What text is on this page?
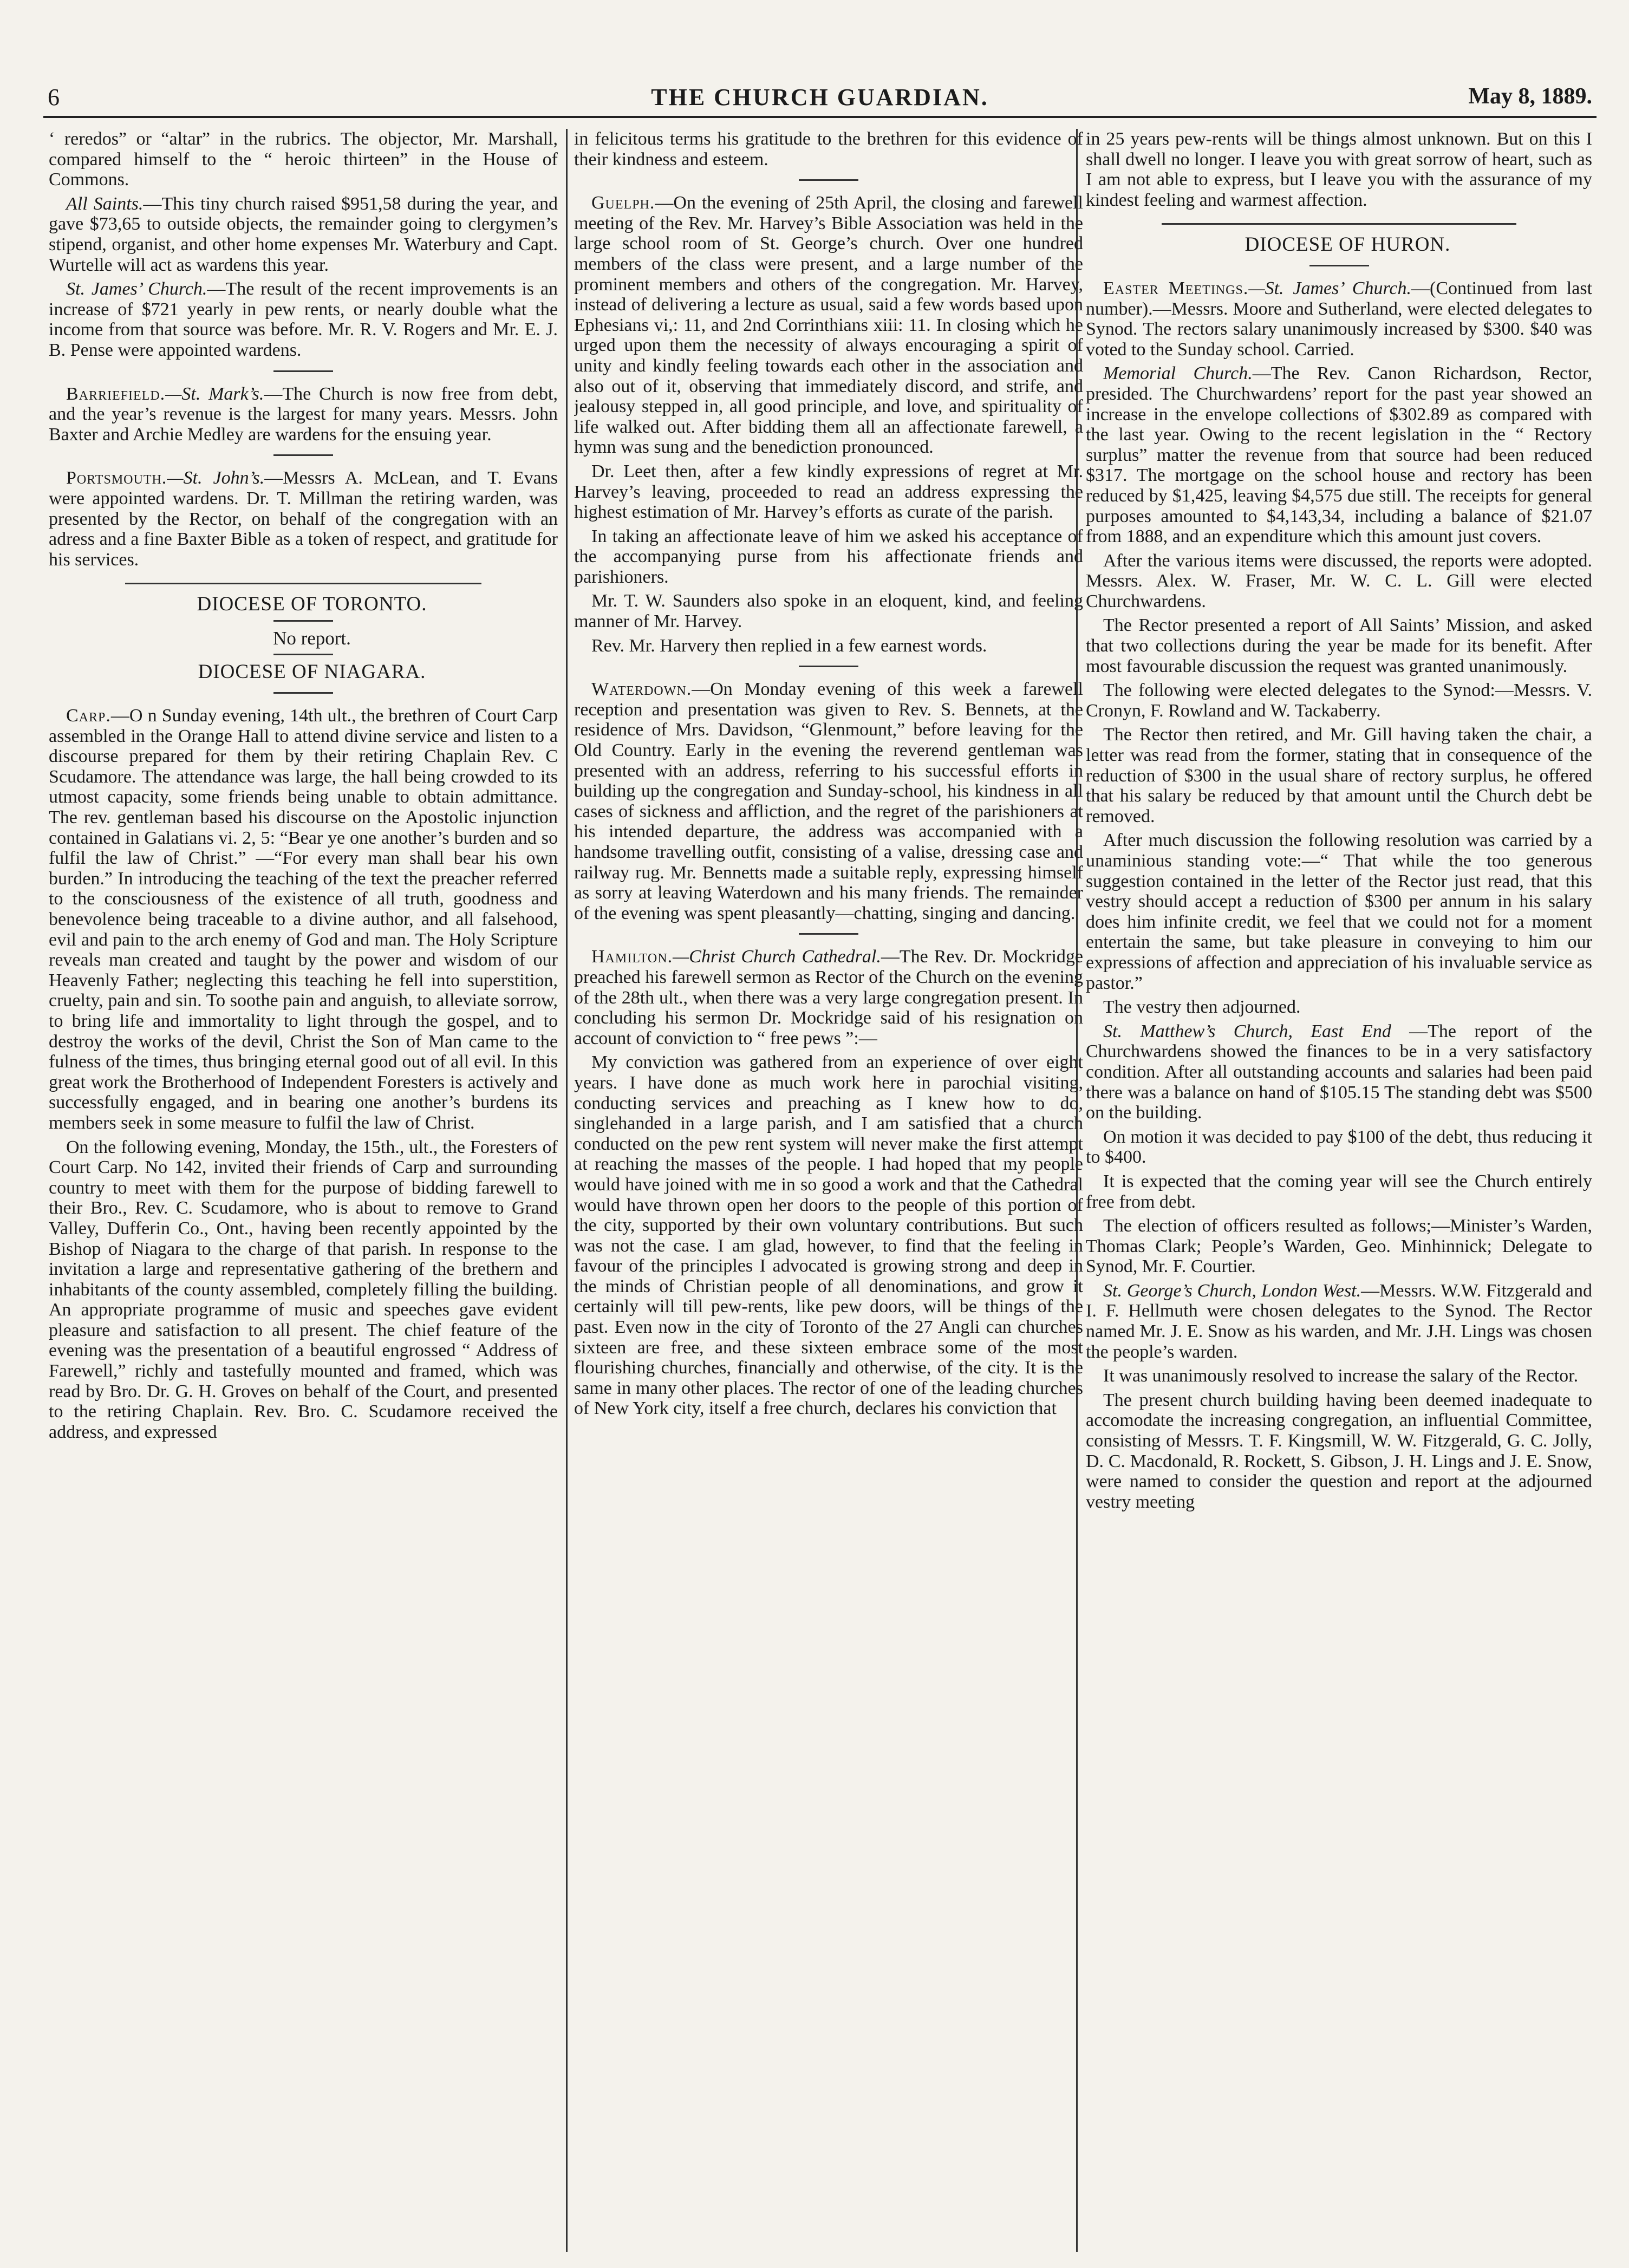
6	THE CHURCH GUARDIAN.	May 8, 1889.

‘ reredos” or “altar” in the rubrics. The objector, Mr. Marshall, compared himself to the “ heroic thirteen” in the House of Commons.

All Saints.—This tiny church raised $951,58 during the year, and gave $73,65 to outside objects, the remainder going to clergymen’s stipend, organist, and other home expenses Mr. Waterbury and Capt. Wurtelle will act as wardens this year.

St. James’ Church.—The result of the recent improvements is an increase of $721 yearly in pew rents, or nearly double what the income from that source was before. Mr. R. V. Rogers and Mr. E. J. B. Pense were appointed wardens.

Barriefield.—St. Mark’s.—The Church is now free from debt, and the year’s revenue is the largest for many years. Messrs. John Baxter and Archie Medley are wardens for the ensuing year.

Portsmouth.—St. John’s.—Messrs A. McLean, and T. Evans were appointed wardens. Dr. T. Millman the retiring warden, was presented by the Rector, on behalf of the congregation with an adress and a fine Baxter Bible as a token of respect, and gratitude for his services.

DIOCESE OF TORONTO.

No report.

DIOCESE OF NIAGARA.

Carp.—O n Sunday evening, 14th ult., the brethren of Court Carp assembled in the Orange Hall to attend divine service and listen to a discourse prepared for them by their retiring Chaplain Rev. C Scudamore. The attendance was large, the hall being crowded to its utmost capacity, some friends being unable to obtain admittance. The rev. gentleman based his discourse on the Apostolic injunction contained in Galatians vi. 2, 5: “Bear ye one another’s burden and so fulfil the law of Christ.” —“For every man shall bear his own burden.” In introducing the teaching of the text the preacher referred to the consciousness of the existence of all truth, goodness and benevolence being traceable to a divine author, and all falsehood, evil and pain to the arch enemy of God and man. The Holy Scripture reveals man created and taught by the power and wisdom of our Heavenly Father; neglecting this teaching he fell into superstition, cruelty, pain and sin. To soothe pain and anguish, to alleviate sorrow, to bring life and immortality to light through the gospel, and to destroy the works of the devil, Christ the Son of Man came to the fulness of the times, thus bringing eternal good out of all evil. In this great work the Brotherhood of Independent Foresters is actively and successfully engaged, and in bearing one another’s burdens its members seek in some measure to fulfil the law of Christ.

On the following evening, Monday, the 15th., ult., the Foresters of Court Carp. No 142, invited their friends of Carp and surrounding country to meet with them for the purpose of bidding farewell to their Bro., Rev. C. Scudamore, who is about to remove to Grand Valley, Dufferin Co., Ont., having been recently appointed by the Bishop of Niagara to the charge of that parish. In response to the invitation a large and representative gathering of the brethern and inhabitants of the county assembled, completely filling the building. An appropriate programme of music and speeches gave evident pleasure and satisfaction to all present. The chief feature of the evening was the presentation of a beautiful engrossed “ Address of Farewell,” richly and tastefully mounted and framed, which was read by Bro. Dr. G. H. Groves on behalf of the Court, and presented to the retiring Chaplain. Rev. Bro. C. Scudamore received the address, and expressed

in felicitous terms his gratitude to the brethren for this evidence of their kindness and esteem.

Guelph.—On the evening of 25th April, the closing and farewell meeting of the Rev. Mr. Harvey’s Bible Association was held in the large school room of St. George’s church. Over one hundred members of the class were present, and a large number of the prominent members and others of the congregation. Mr. Harvey, instead of delivering a lecture as usual, said a few words based upon Ephesians vi,: 11, and 2nd Corrinthians xiii: 11. In closing which he urged upon them the necessity of always encouraging a spirit of unity and kindly feeling towards each other in the association and also out of it, observing that immediately discord, and strife, and jealousy stepped in, all good principle, and love, and spirituality of life walked out. After bidding them all an affectionate farewell, a hymn was sung and the benediction pronounced.

Dr. Leet then, after a few kindly expressions of regret at Mr. Harvey’s leaving, proceeded to read an address expressing the highest estimation of Mr. Harvey’s efforts as curate of the parish.

In taking an affectionate leave of him we asked his acceptance of the accompanying purse from his affectionate friends and parishioners.

Mr. T. W. Saunders also spoke in an eloquent, kind, and feeling manner of Mr. Harvey.

Rev. Mr. Harvery then replied in a few earnest words.

Waterdown.—On Monday evening of this week a farewell reception and presentation was given to Rev. S. Bennets, at the residence of Mrs. Davidson, “Glenmount,” before leaving for the Old Country. Early in the evening the reverend gentleman was presented with an address, referring to his successful efforts in building up the congregation and Sunday-school, his kindness in all cases of sickness and affliction, and the regret of the parishioners at his intended departure, the address was accompanied with a handsome travelling outfit, consisting of a valise, dressing case and railway rug. Mr. Bennetts made a suitable reply, expressing himself as sorry at leaving Waterdown and his many friends. The remainder of the evening was spent pleasantly—chatting, singing and dancing.

Hamilton.—Christ Church Cathedral.—The Rev. Dr. Mockridge preached his farewell sermon as Rector of the Church on the evening of the 28th ult., when there was a very large congregation present. In concluding his sermon Dr. Mockridge said of his resignation on account of conviction to “ free pews ”:—

My conviction was gathered from an experience of over eight years. I have done as much work here in parochial visiting, conducting services and preaching as I knew how to do, singlehanded in a large parish, and I am satisfied that a church conducted on the pew rent system will never make the first attempt at reaching the masses of the people. I had hoped that my people would have joined with me in so good a work and that the Cathedral would have thrown open her doors to the people of this portion of the city, supported by their own voluntary contributions. But such was not the case. I am glad, however, to find that the feeling in favour of the principles I advocated is growing strong and deep in the minds of Christian people of all denominations, and grow it certainly will till pew-rents, like pew doors, will be things of the past. Even now in the city of Toronto of the 27 Angli can churches sixteen are free, and these sixteen embrace some of the most flourishing churches, financially and otherwise, of the city. It is the same in many other places. The rector of one of the leading churches of New York city, itself a free church, declares his conviction that

in 25 years pew-rents will be things almost unknown. But on this I shall dwell no longer. I leave you with great sorrow of heart, such as I am not able to express, but I leave you with the assurance of my kindest feeling and warmest affection.

DIOCESE OF HURON.

Easter Meetings.—St. James’ Church.—(Continued from last number).—Messrs. Moore and Sutherland, were elected delegates to Synod. The rectors salary unanimously increased by $300. $40 was voted to the Sunday school. Carried.

Memorial Church.—The Rev. Canon Richardson, Rector, presided. The Churchwardens’ report for the past year showed an increase in the envelope collections of $302.89 as compared with the last year. Owing to the recent legislation in the “ Rectory surplus” matter the revenue from that source had been reduced $317. The mortgage on the school house and rectory has been reduced by $1,425, leaving $4,575 due still. The receipts for general purposes amounted to $4,143,34, including a balance of $21.07 from 1888, and an expenditure which this amount just covers.

After the various items were discussed, the reports were adopted. Messrs. Alex. W. Fraser, Mr. W. C. L. Gill were elected Churchwardens.

The Rector presented a report of All Saints’ Mission, and asked that two collections during the year be made for its benefit. After most favourable discussion the request was granted unanimously.

The following were elected delegates to the Synod:—Messrs. V. Cronyn, F. Rowland and W. Tackaberry.

The Rector then retired, and Mr. Gill having taken the chair, a letter was read from the former, stating that in consequence of the reduction of $300 in the usual share of rectory surplus, he offered that his salary be reduced by that amount until the Church debt be removed.

After much discussion the following resolution was carried by a unaminious standing vote:—“ That while the too generous suggestion contained in the letter of the Rector just read, that this vestry should accept a reduction of $300 per annum in his salary does him infinite credit, we feel that we could not for a moment entertain the same, but take pleasure in conveying to him our expressions of affection and appreciation of his invaluable service as pastor.”

The vestry then adjourned.

St. Matthew’s Church, East End —The report of the Churchwardens showed the finances to be in a very satisfactory condition. After all outstanding accounts and salaries had been paid there was a balance on hand of $105.15 The standing debt was $500 on the building.

On motion it was decided to pay $100 of the debt, thus reducing it to $400.

It is expected that the coming year will see the Church entirely free from debt.

The election of officers resulted as follows;—Minister’s Warden, Thomas Clark; People’s Warden, Geo. Minhinnick; Delegate to Synod, Mr. F. Courtier.

St. George’s Church, London West.—Messrs. W.W. Fitzgerald and I. F. Hellmuth were chosen delegates to the Synod. The Rector named Mr. J. E. Snow as his warden, and Mr. J.H. Lings was chosen the people’s warden.

It was unanimously resolved to increase the salary of the Rector.

The present church building having been deemed inadequate to accomodate the increasing congregation, an influential Committee, consisting of Messrs. T. F. Kingsmill, W. W. Fitzgerald, G. C. Jolly, D. C. Macdonald, R. Rockett, S. Gibson, J. H. Lings and J. E. Snow, were named to consider the question and report at the adjourned vestry meeting
